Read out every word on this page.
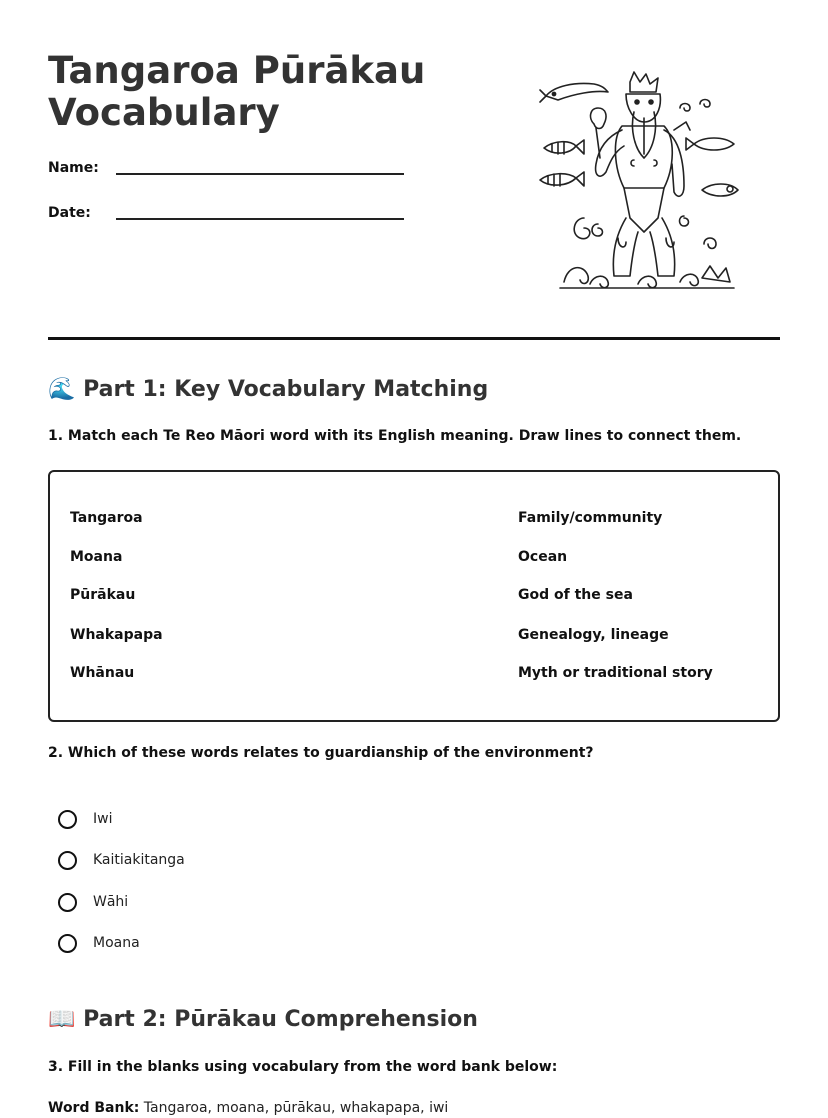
Tangaroa Pūrākau Vocabulary
Name:
Date:
🌊 Part 1: Key Vocabulary Matching

1. Match each Te Reo Māori word with its English meaning. Draw lines to connect them.

Tangaroa
Moana
Pūrākau
Whakapapa
Whānau
Family/community
Ocean
God of the sea
Genealogy, lineage
Myth or traditional story

2. Which of these words relates to guardianship of the environment?

Iwi
Kaitiakitanga
Wāhi
Moana
📖 Part 2: Pūrākau Comprehension

3. Fill in the blanks using vocabulary from the word bank below:

Word Bank: Tangaroa, moana, pūrākau, whakapapa, iwi
